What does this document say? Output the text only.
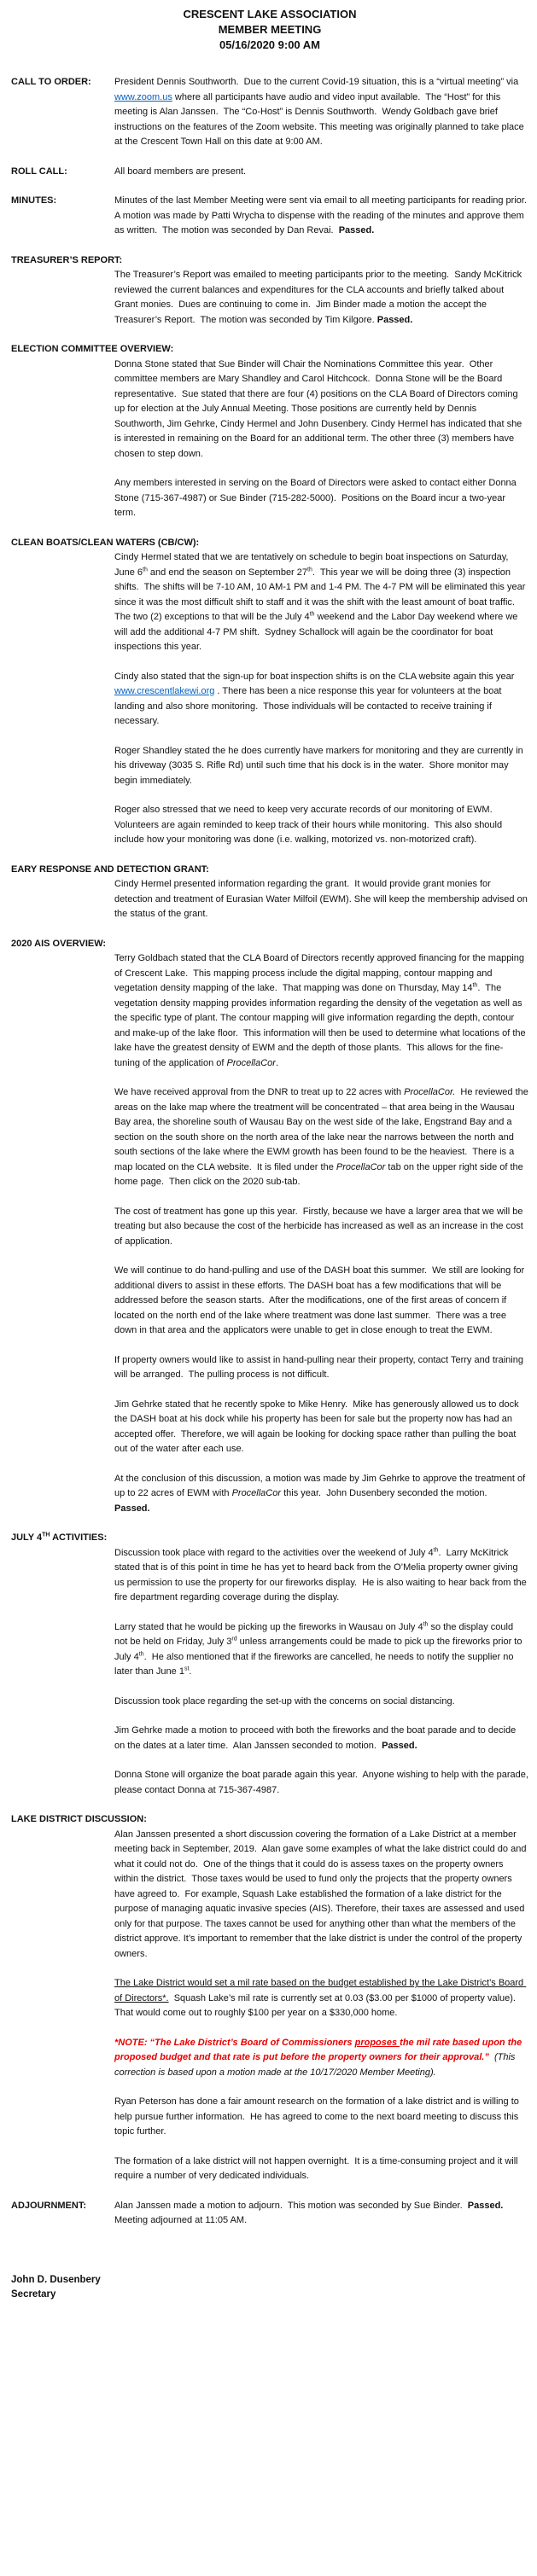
CRESCENT LAKE ASSOCIATION
MEMBER MEETING
05/16/2020 9:00 AM
CALL TO ORDER:	President Dennis Southworth.  Due to the current Covid-19 situation, this is a “virtual meeting” via www.zoom.us where all participants have audio and video input available.  The “Host” for this meeting is Alan Janssen.  The “Co-Host” is Dennis Southworth.  Wendy Goldbach gave brief instructions on the features of the Zoom website. This meeting was originally planned to take place at the Crescent Town Hall on this date at 9:00 AM.

ROLL CALL:	All board members are present.

MINUTES:	Minutes of the last Member Meeting were sent via email to all meeting participants for reading prior.  A motion was made by Patti Wrycha to dispense with the reading of the minutes and approve them as written.  The motion was seconded by Dan Revai.  Passed.

TREASURER’S REPORT:

The Treasurer’s Report was emailed to meeting participants prior to the meeting.  Sandy McKitrick reviewed the current balances and expenditures for the CLA accounts and briefly talked about Grant monies.  Dues are continuing to come in.  Jim Binder made a motion the accept the Treasurer’s Report.  The motion was seconded by Tim Kilgore. Passed.

ELECTION COMMITTEE OVERVIEW:

Donna Stone stated that Sue Binder will Chair the Nominations Committee this year.  Other committee members are Mary Shandley and Carol Hitchcock.  Donna Stone will be the Board representative.  Sue stated that there are four (4) positions on the CLA Board of Directors coming up for election at the July Annual Meeting. Those positions are currently held by Dennis Southworth, Jim Gehrke, Cindy Hermel and John Dusenbery. Cindy Hermel has indicated that she is interested in remaining on the Board for an additional term. The other three (3) members have chosen to step down.

Any members interested in serving on the Board of Directors were asked to contact either Donna Stone (715-367-4987) or Sue Binder (715-282-5000).  Positions on the Board incur a two-year term.

CLEAN BOATS/CLEAN WATERS (CB/CW):

Cindy Hermel stated that we are tentatively on schedule to begin boat inspections on Saturday, June 6th and end the season on September 27th.  This year we will be doing three (3) inspection shifts.  The shifts will be 7-10 AM, 10 AM-1 PM and 1-4 PM. The 4-7 PM will be eliminated this year since it was the most difficult shift to staff and it was the shift with the least amount of boat traffic.  The two (2) exceptions to that will be the July 4th weekend and the Labor Day weekend where we will add the additional 4-7 PM shift.  Sydney Schallock will again be the coordinator for boat inspections this year.

Cindy also stated that the sign-up for boat inspection shifts is on the CLA website again this year www.crescentlakewi.org . There has been a nice response this year for volunteers at the boat landing and also shore monitoring.  Those individuals will be contacted to receive training if necessary.

Roger Shandley stated the he does currently have markers for monitoring and they are currently in his driveway (3035 S. Rifle Rd) until such time that his dock is in the water.  Shore monitor may begin immediately.

Roger also stressed that we need to keep very accurate records of our monitoring of EWM.  Volunteers are again reminded to keep track of their hours while monitoring.  This also should include how your monitoring was done (i.e. walking, motorized vs. non-motorized craft).

EARY RESPONSE AND DETECTION GRANT:

Cindy Hermel presented information regarding the grant.  It would provide grant monies for detection and treatment of Eurasian Water Milfoil (EWM). She will keep the membership advised on the status of the grant.

2020 AIS OVERVIEW:

Terry Goldbach stated that the CLA Board of Directors recently approved financing for the mapping of Crescent Lake.  This mapping process include the digital mapping, contour mapping and vegetation density mapping of the lake.  That mapping was done on Thursday, May 14th.  The vegetation density mapping provides information regarding the density of the vegetation as well as the specific type of plant. The contour mapping will give information regarding the depth, contour and make-up of the lake floor.  This information will then be used to determine what locations of the lake have the greatest density of EWM and the depth of those plants.  This allows for the fine-tuning of the application of ProcellaCor.

We have received approval from the DNR to treat up to 22 acres with ProcellaCor.  He reviewed the areas on the lake map where the treatment will be concentrated – that area being in the Wausau Bay area, the shoreline south of Wausau Bay on the west side of the lake, Engstrand Bay and a section on the south shore on the north area of the lake near the narrows between the north and south sections of the lake where the EWM growth has been found to be the heaviest.  There is a map located on the CLA website.  It is filed under the ProcellaCor tab on the upper right side of the home page.  Then click on the 2020 sub-tab.

The cost of treatment has gone up this year.  Firstly, because we have a larger area that we will be treating but also because the cost of the herbicide has increased as well as an increase in the cost of application.

We will continue to do hand-pulling and use of the DASH boat this summer.  We still are looking for additional divers to assist in these efforts. The DASH boat has a few modifications that will be addressed before the season starts.  After the modifications, one of the first areas of concern if located on the north end of the lake where treatment was done last summer.  There was a tree down in that area and the applicators were unable to get in close enough to treat the EWM.

If property owners would like to assist in hand-pulling near their property, contact Terry and training will be arranged.  The pulling process is not difficult.

Jim Gehrke stated that he recently spoke to Mike Henry.  Mike has generously allowed us to dock the DASH boat at his dock while his property has been for sale but the property now has had an accepted offer.  Therefore, we will again be looking for docking space rather than pulling the boat out of the water after each use.

At the conclusion of this discussion, a motion was made by Jim Gehrke to approve the treatment of up to 22 acres of EWM with ProcellaCor this year.  John Dusenbery seconded the motion.   Passed.

JULY 4TH ACTIVITIES:

Discussion took place with regard to the activities over the weekend of July 4th.  Larry McKitrick stated that is of this point in time he has yet to heard back from the O’Melia property owner giving us permission to use the property for our fireworks display.  He is also waiting to hear back from the fire department regarding coverage during the display.

Larry stated that he would be picking up the fireworks in Wausau on July 4th so the display could not be held on Friday, July 3rd unless arrangements could be made to pick up the fireworks prior to July 4th.  He also mentioned that if the fireworks are cancelled, he needs to notify the supplier no later than June 1st.

Discussion took place regarding the set-up with the concerns on social distancing.

Jim Gehrke made a motion to proceed with both the fireworks and the boat parade and to decide on the dates at a later time.  Alan Janssen seconded to motion.  Passed.

Donna Stone will organize the boat parade again this year.  Anyone wishing to help with the parade, please contact Donna at 715-367-4987.

LAKE DISTRICT DISCUSSION:

Alan Janssen presented a short discussion covering the formation of a Lake District at a member meeting back in September, 2019.  Alan gave some examples of what the lake district could do and what it could not do.  One of the things that it could do is assess taxes on the property owners within the district.  Those taxes would be used to fund only the projects that the property owners have agreed to.  For example, Squash Lake established the formation of a lake district for the purpose of managing aquatic invasive species (AIS). Therefore, their taxes are assessed and used only for that purpose. The taxes cannot be used for anything other than what the members of the district approve. It’s important to remember that the lake district is under the control of the property owners.

The Lake District would set a mil rate based on the budget established by the Lake District’s Board of Directors*.  Squash Lake’s mil rate is currently set at 0.03 ($3.00 per $1000 of property value).  That would come out to roughly $100 per year on a $330,000 home.

*NOTE: “The Lake District’s Board of Commissioners proposes the mil rate based upon the proposed budget and that rate is put before the property owners for their approval.”  (This correction is based upon a motion made at the 10/17/2020 Member Meeting).

Ryan Peterson has done a fair amount research on the formation of a lake district and is willing to help pursue further information.  He has agreed to come to the next board meeting to discuss this topic further.

The formation of a lake district will not happen overnight.  It is a time-consuming project and it will require a number of very dedicated individuals.

ADJOURNMENT:	Alan Janssen made a motion to adjourn.  This motion was seconded by Sue Binder.  Passed.  Meeting adjourned at 11:05 AM.

John D. Dusenbery
Secretary
